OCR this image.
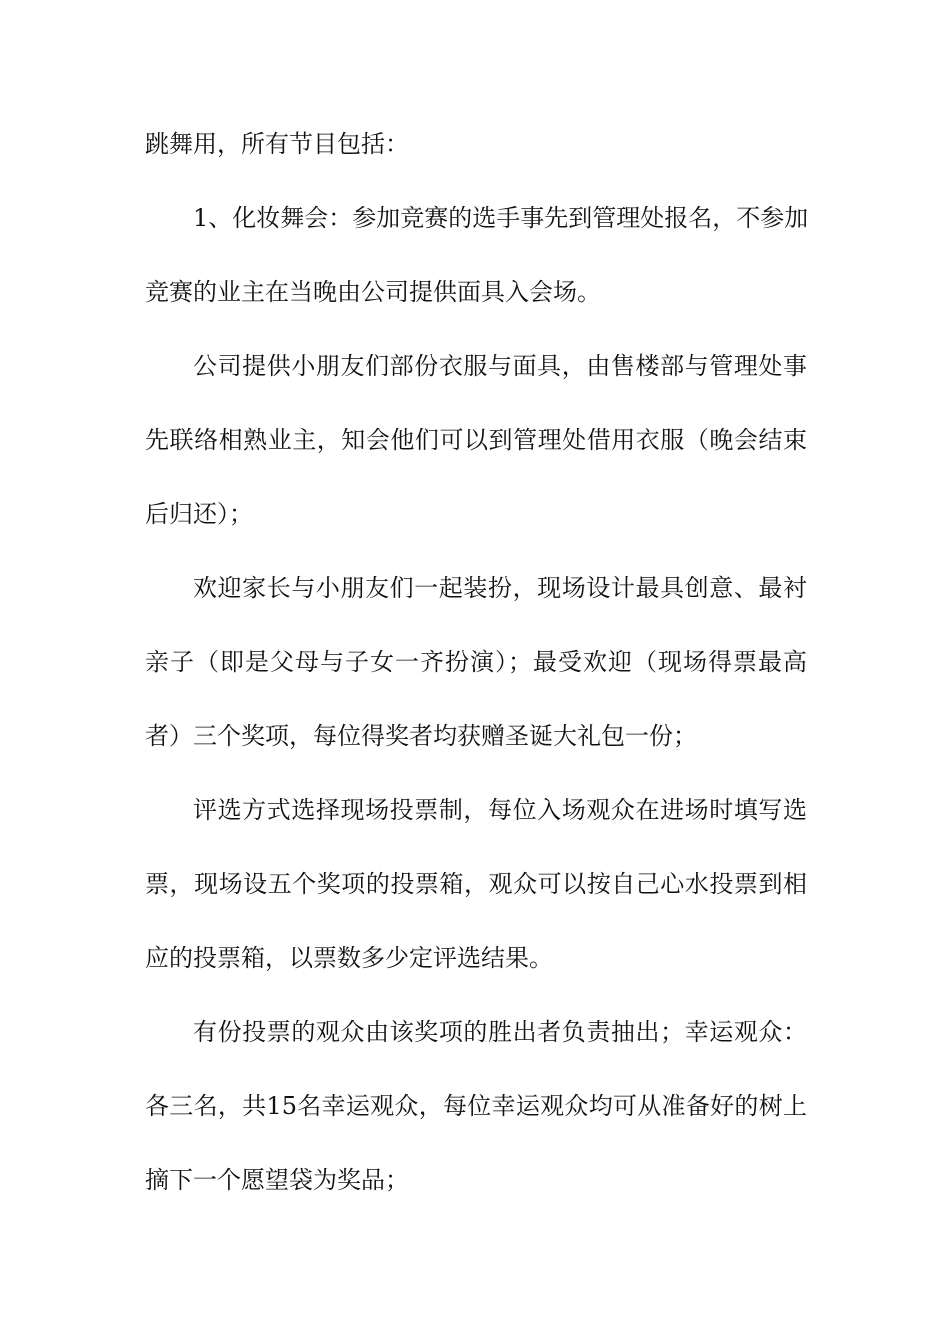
跳舞用，所有节目包括：
1、化妆舞会：参加竞赛的选手事先到管理处报名，不参加
竞赛的业主在当晚由公司提供面具入会场。
公司提供小朋友们部份衣服与面具，由售楼部与管理处事
先联络相熟业主，知会他们可以到管理处借用衣服（晚会结束
后归还）；
欢迎家长与小朋友们一起装扮，现场设计最具创意、最衬
亲子（即是父母与子女一齐扮演）；最受欢迎（现场得票最高
者）三个奖项，每位得奖者均获赠圣诞大礼包一份；
评选方式选择现场投票制，每位入场观众在进场时填写选
票，现场设五个奖项的投票箱，观众可以按自己心水投票到相
应的投票箱，以票数多少定评选结果。
有份投票的观众由该奖项的胜出者负责抽出；幸运观众：
各三名，共15名幸运观众，每位幸运观众均可从准备好的树上
摘下一个愿望袋为奖品；
